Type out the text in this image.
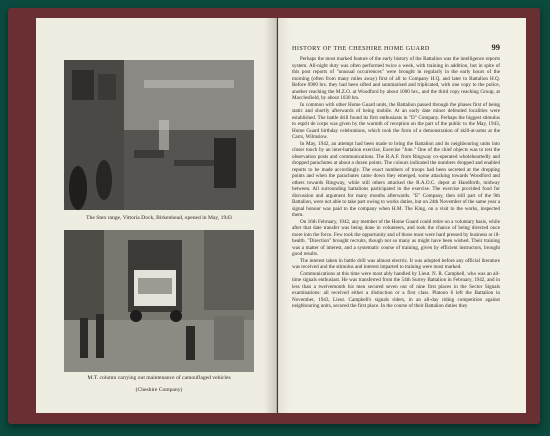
The Sten range, Vittoria Dock, Birkenhead, opened in May, 1943
M.T. column carrying out maintenance of camouflaged vehicles
(Cheshire Company)
HISTORY OF THE CHESHIRE HOME GUARD	99

Perhaps the most marked feature of the early history of the Battalion was the intelligence reports system. All-night duty was often performed twice a week, with training in addition, but in spite of this post reports of "unusual occurrences" were brought in regularly in the early hours of the morning (often from many miles away) first of all to Company H.Q. and later to Battalion H.Q. Before 0900 hrs. they had been sifted and summarised and triplicated, with one copy to the police, another reaching the M.Z.O. at Woodford by about 1000 hrs., and the third copy reaching Group, at Macclesfield, by about 1030 hrs.

In common with other Home Guard units, the Battalion passed through the phases first of being static and shortly afterwards of being mobile. At an early date minor defended localities were established. The battle drill found its first enthusiasts in "D" Company. Perhaps the biggest stimulus to esprit de corps was given by the warmth of reception on the part of the public to the May, 1943, Home Guard birthday celebrations, which took the form of a demonstration of skill-at-arms at the Carrs, Wilmslow.

In May, 1942, an attempt had been made to bring the Battalion and its neighbouring units into closer touch by an inter-battalion exercise, Exercise "Jute." One of the chief objects was to test the observation posts and communications. The R.A.F. from Ringway co-operated wholeheartedly and dropped parachutes at about a dozen points. The colours indicated the numbers dropped and enabled reports to be made accordingly. The exact numbers of troops had been secreted at the dropping points and when the parachutes came down they emerged, some attacking towards Woodford and others towards Ringway, while still others attacked the R.A.O.C. depot at Handforth, midway between. All surrounding battalions participated in the exercise. The exercise provided food for discussion and argument for many months afterwards. "E" Company, then still part of the 9th Battalion, were not able to take part owing to works duties, but on 24th November of the same year a signal honour was paid to the company when H.M. The King, on a visit to the works, inspected them.

On 16th February, 1942, any member of the Home Guard could retire on a voluntary basis, while after that date transfer was being done in volunteers, and took the chance of being directed once more into the force. Few took the opportunity and of those most were hard pressed by business or ill-health. "Direction" brought recruits, though not so many as might have been wished. Their training was a matter of interest, and a systematic course of training, given by efficient instructors, brought good results.

The interest taken in battle drill was almost electric. It was adopted before any official literature was received and the stimulus and interest imparted to training were most marked.

Communications at this time were most ably handled by Lieut. N. R. Campbell, who was an all-time signals enthusiast. He was transferred from the 54th Surrey Battalion in February, 1942, and in less than a twelvemonth his men secured seven out of nine first places in the Sector Signals examinations: all received either a distinction or a first class. Platoon 6 left the Battalion in November, 1943, Lieut. Campbell's signals riders, in an all-day riding competition against neighbouring units, secured the first place. In the course of their Battalion duties they
